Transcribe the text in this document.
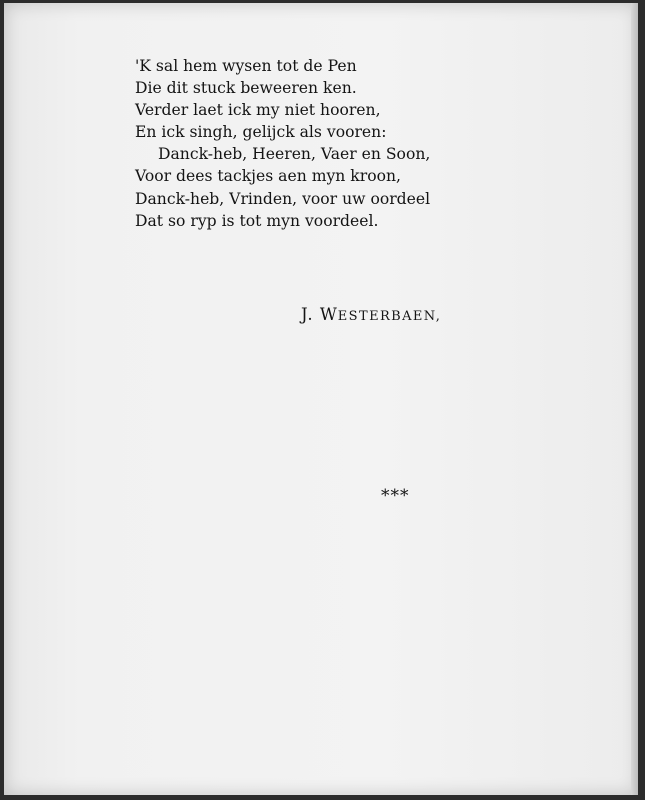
'K sal hem wysen tot de Pen
Die dit stuck beweeren ken.
Verder laet ick my niet hooren,
En ick singh, gelijck als vooren:
Danck-heb, Heeren, Vaer en Soon,
Voor dees tackjes aen myn kroon,
Danck-heb, Vrinden, voor uw oordeel
Dat so ryp is tot myn voordeel.
J. WESTERBAEN,
***
